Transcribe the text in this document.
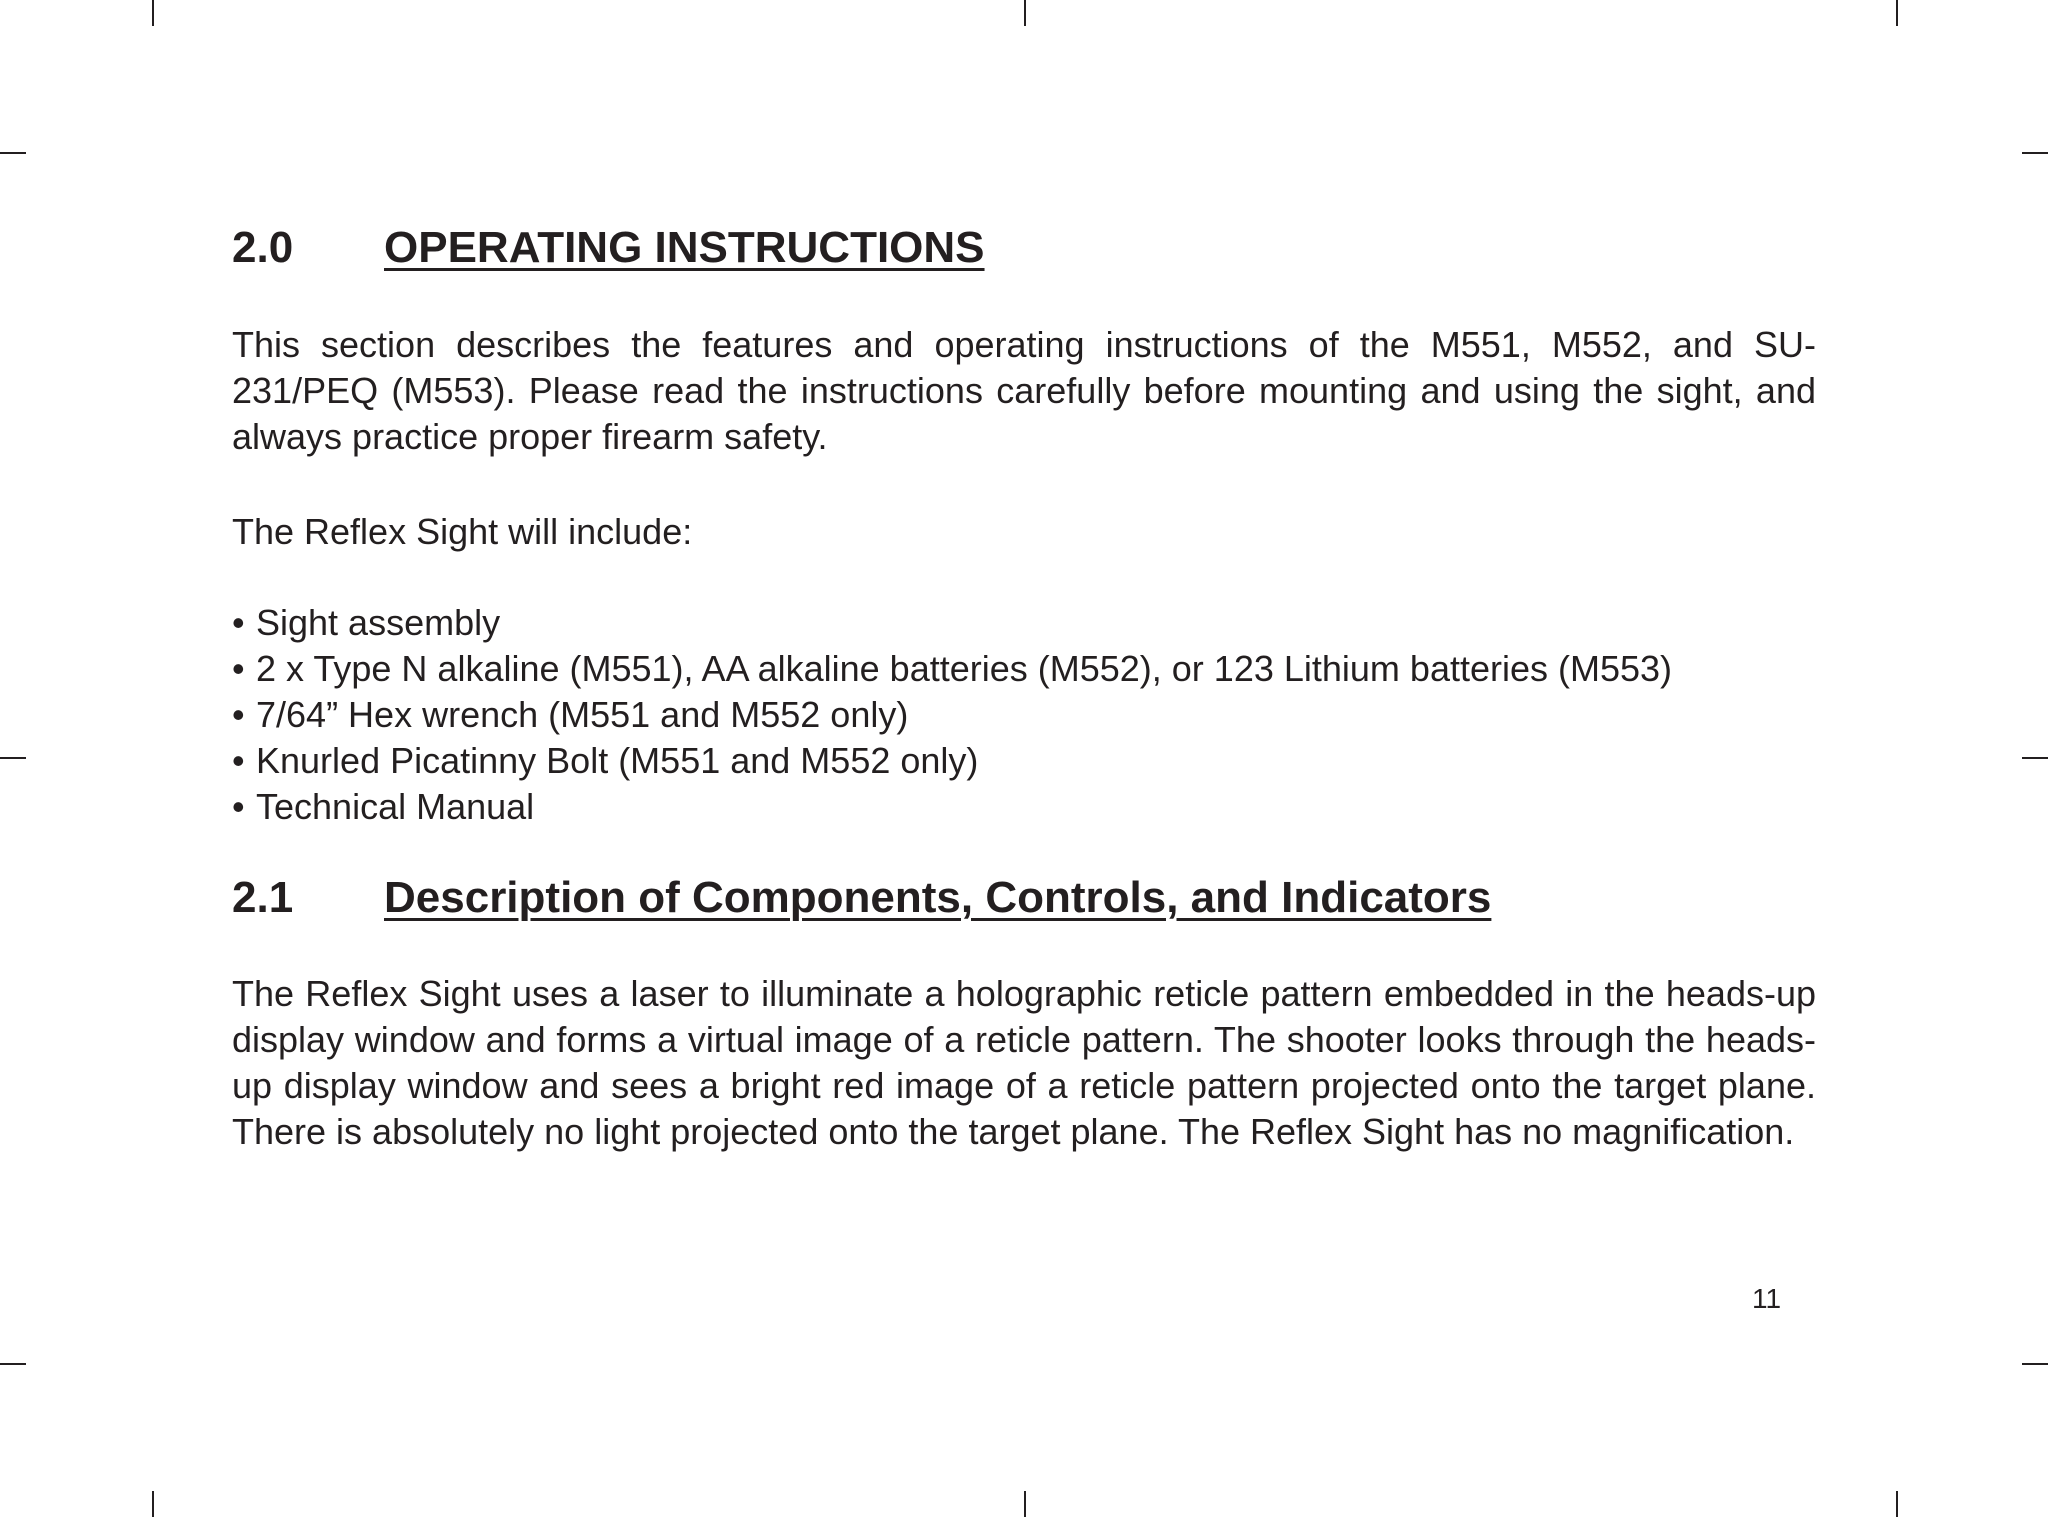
2.0 OPERATING INSTRUCTIONS

This section describes the features and operating instructions of the M551, M552, and SU-231/PEQ (M553). Please read the instructions carefully before mounting and using the sight, and always practice proper firearm safety.

The Reflex Sight will include:

• Sight assembly
• 2 x Type N alkaline (M551), AA alkaline batteries (M552), or 123 Lithium batteries (M553)
• 7/64” Hex wrench (M551 and M552 only)
• Knurled Picatinny Bolt (M551 and M552 only)
• Technical Manual
2.1 Description of Components, Controls, and Indicators

The Reflex Sight uses a laser to illuminate a holographic reticle pattern embedded in the heads-up display window and forms a virtual image of a reticle pattern. The shooter looks through the heads-up display window and sees a bright red image of a reticle pattern projected onto the target plane. There is absolutely no light projected onto the target plane. The Reflex Sight has no magnification.

11
